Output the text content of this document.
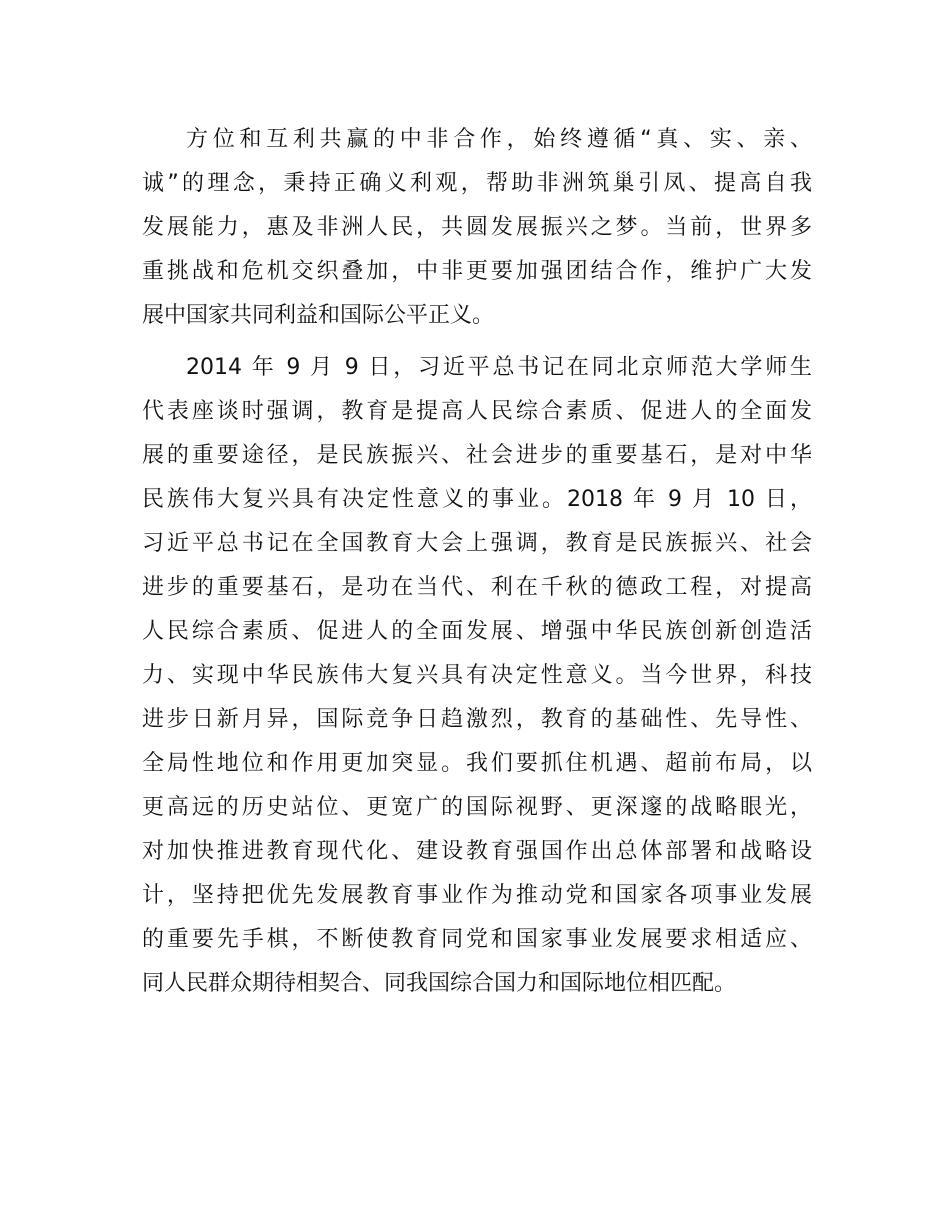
方位和互利共赢的中非合作，始终遵循“真、实、亲、
诚”的理念，秉持正确义利观，帮助非洲筑巢引凤、提高自我
发展能力，惠及非洲人民，共圆发展振兴之梦。当前，世界多
重挑战和危机交织叠加，中非更要加强团结合作，维护广大发
展中国家共同利益和国际公平正义。
2014 年 9 月 9 日，习近平总书记在同北京师范大学师生
代表座谈时强调，教育是提高人民综合素质、促进人的全面发
展的重要途径，是民族振兴、社会进步的重要基石，是对中华
民族伟大复兴具有决定性意义的事业。2018 年 9 月 10 日，
习近平总书记在全国教育大会上强调，教育是民族振兴、社会
进步的重要基石，是功在当代、利在千秋的德政工程，对提高
人民综合素质、促进人的全面发展、增强中华民族创新创造活
力、实现中华民族伟大复兴具有决定性意义。当今世界，科技
进步日新月异，国际竞争日趋激烈，教育的基础性、先导性、
全局性地位和作用更加突显。我们要抓住机遇、超前布局，以
更高远的历史站位、更宽广的国际视野、更深邃的战略眼光，
对加快推进教育现代化、建设教育强国作出总体部署和战略设
计，坚持把优先发展教育事业作为推动党和国家各项事业发展
的重要先手棋，不断使教育同党和国家事业发展要求相适应、
同人民群众期待相契合、同我国综合国力和国际地位相匹配。
